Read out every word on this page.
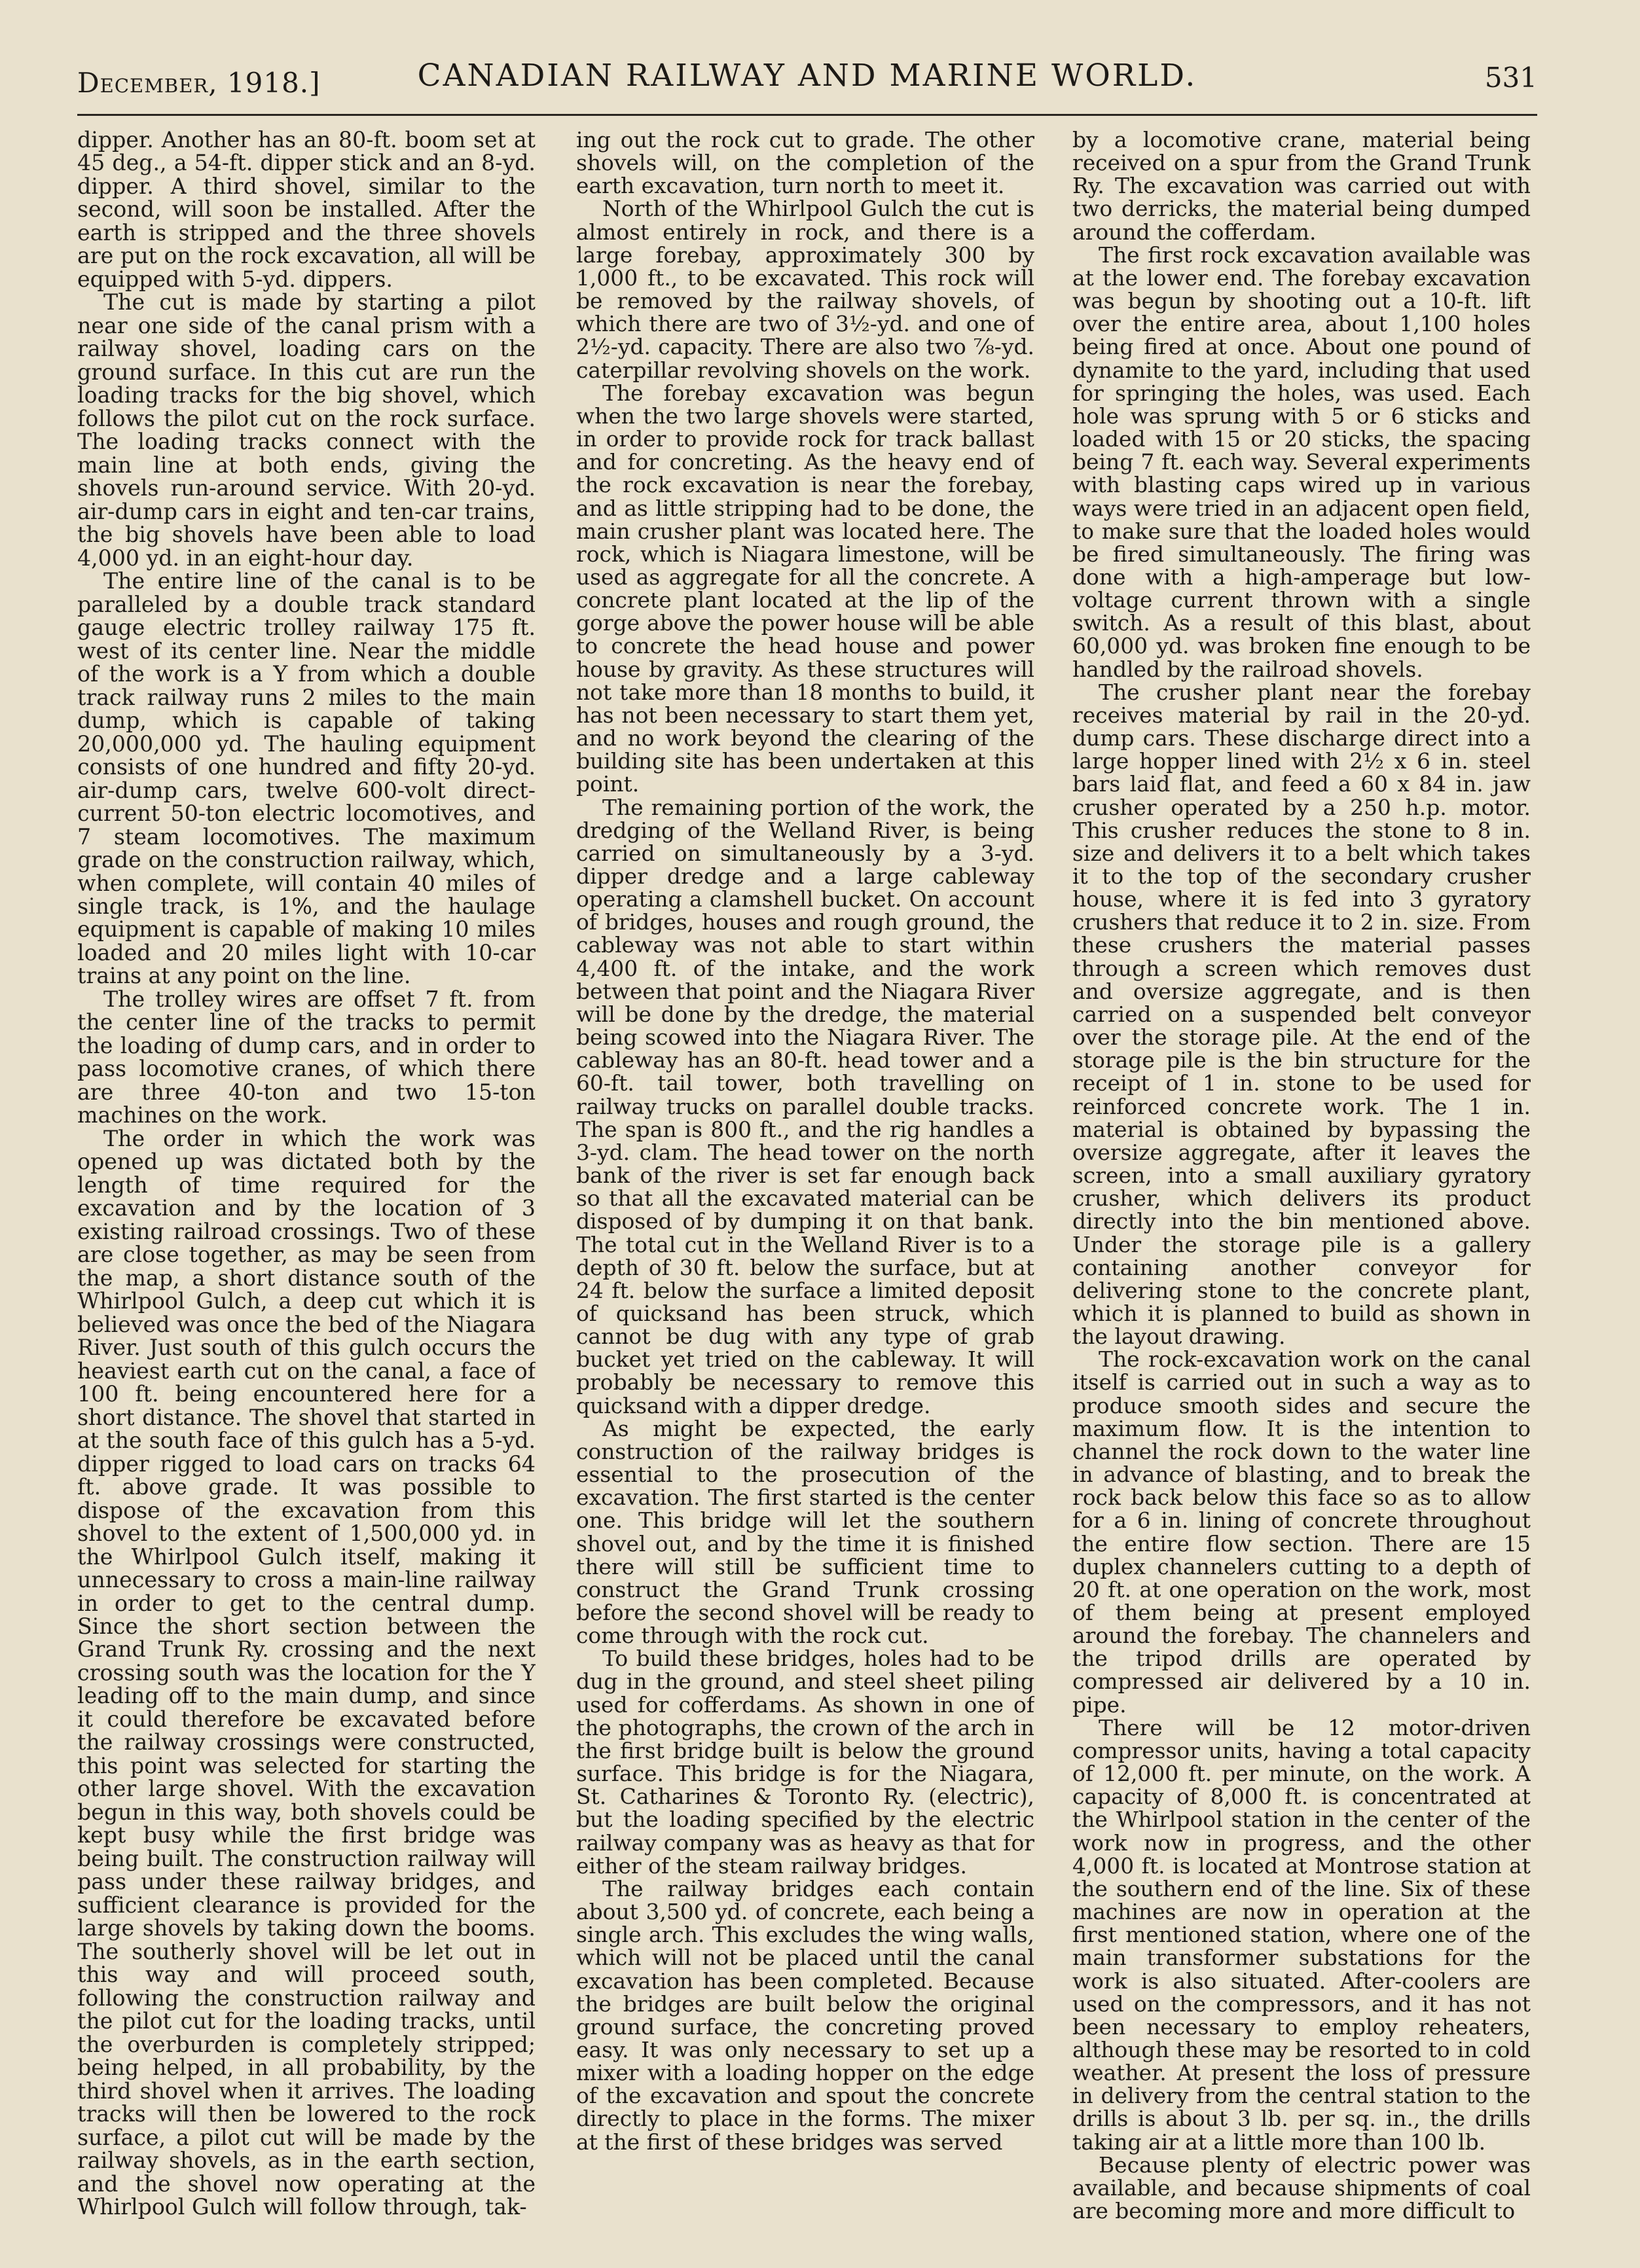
December, 1918.]	CANADIAN RAILWAY AND MARINE WORLD.	531

dipper. Another has an 80-ft. boom set at 45 deg., a 54-ft. dipper stick and an 8-yd. dipper. A third shovel, similar to the second, will soon be installed. After the earth is stripped and the three shovels are put on the rock excavation, all will be equipped with 5-yd. dippers.

The cut is made by starting a pilot near one side of the canal prism with a railway shovel, loading cars on the ground surface. In this cut are run the loading tracks for the big shovel, which follows the pilot cut on the rock surface. The loading tracks connect with the main line at both ends, giving the shovels run-around service. With 20-yd. air-dump cars in eight and ten-car trains, the big shovels have been able to load 4,000 yd. in an eight-hour day.

The entire line of the canal is to be paralleled by a double track standard gauge electric trolley railway 175 ft. west of its center line. Near the middle of the work is a Y from which a double track railway runs 2 miles to the main dump, which is capable of taking 20,000,000 yd. The hauling equipment consists of one hundred and fifty 20-yd. air-dump cars, twelve 600-volt direct-current 50-ton electric locomotives, and 7 steam locomotives. The maximum grade on the construction railway, which, when complete, will contain 40 miles of single track, is 1%, and the haulage equipment is capable of making 10 miles loaded and 20 miles light with 10-car trains at any point on the line.

The trolley wires are offset 7 ft. from the center line of the tracks to permit the loading of dump cars, and in order to pass locomotive cranes, of which there are three 40-ton and two 15-ton machines on the work.

The order in which the work was opened up was dictated both by the length of time required for the excavation and by the location of 3 existing railroad crossings. Two of these are close together, as may be seen from the map, a short distance south of the Whirlpool Gulch, a deep cut which it is believed was once the bed of the Niagara River. Just south of this gulch occurs the heaviest earth cut on the canal, a face of 100 ft. being encountered here for a short distance. The shovel that started in at the south face of this gulch has a 5-yd. dipper rigged to load cars on tracks 64 ft. above grade. It was possible to dispose of the excavation from this shovel to the extent of 1,500,000 yd. in the Whirlpool Gulch itself, making it unnecessary to cross a main-line railway in order to get to the central dump. Since the short section between the Grand Trunk Ry. crossing and the next crossing south was the location for the Y leading off to the main dump, and since it could therefore be excavated before the railway crossings were constructed, this point was selected for starting the other large shovel. With the excavation begun in this way, both shovels could be kept busy while the first bridge was being built. The construction railway will pass under these railway bridges, and sufficient clearance is provided for the large shovels by taking down the booms. The southerly shovel will be let out in this way and will proceed south, following the construction railway and the pilot cut for the loading tracks, until the overburden is completely stripped; being helped, in all probability, by the third shovel when it arrives. The loading tracks will then be lowered to the rock surface, a pilot cut will be made by the railway shovels, as in the earth section, and the shovel now operating at the Whirlpool Gulch will follow through, tak-

ing out the rock cut to grade. The other shovels will, on the completion of the earth excavation, turn north to meet it.

North of the Whirlpool Gulch the cut is almost entirely in rock, and there is a large forebay, approximately 300 by 1,000 ft., to be excavated. This rock will be removed by the railway shovels, of which there are two of 3½-yd. and one of 2½-yd. capacity. There are also two ⅞-yd. caterpillar revolving shovels on the work.

The forebay excavation was begun when the two large shovels were started, in order to provide rock for track ballast and for concreting. As the heavy end of the rock excavation is near the forebay, and as little stripping had to be done, the main crusher plant was located here. The rock, which is Niagara limestone, will be used as aggregate for all the concrete. A concrete plant located at the lip of the gorge above the power house will be able to concrete the head house and power house by gravity. As these structures will not take more than 18 months to build, it has not been necessary to start them yet, and no work beyond the clearing of the building site has been undertaken at this point.

The remaining portion of the work, the dredging of the Welland River, is being carried on simultaneously by a 3-yd. dipper dredge and a large cableway operating a clamshell bucket. On account of bridges, houses and rough ground, the cableway was not able to start within 4,400 ft. of the intake, and the work between that point and the Niagara River will be done by the dredge, the material being scowed into the Niagara River. The cableway has an 80-ft. head tower and a 60-ft. tail tower, both travelling on railway trucks on parallel double tracks. The span is 800 ft., and the rig handles a 3-yd. clam. The head tower on the north bank of the river is set far enough back so that all the excavated material can be disposed of by dumping it on that bank. The total cut in the Welland River is to a depth of 30 ft. below the surface, but at 24 ft. below the surface a limited deposit of quicksand has been struck, which cannot be dug with any type of grab bucket yet tried on the cableway. It will probably be necessary to remove this quicksand with a dipper dredge.

As might be expected, the early construction of the railway bridges is essential to the prosecution of the excavation. The first started is the center one. This bridge will let the southern shovel out, and by the time it is finished there will still be sufficient time to construct the Grand Trunk crossing before the second shovel will be ready to come through with the rock cut.

To build these bridges, holes had to be dug in the ground, and steel sheet piling used for cofferdams. As shown in one of the photographs, the crown of the arch in the first bridge built is below the ground surface. This bridge is for the Niagara, St. Catharines & Toronto Ry. (electric), but the loading specified by the electric railway company was as heavy as that for either of the steam railway bridges.

The railway bridges each contain about 3,500 yd. of concrete, each being a single arch. This excludes the wing walls, which will not be placed until the canal excavation has been completed. Because the bridges are built below the original ground surface, the concreting proved easy. It was only necessary to set up a mixer with a loading hopper on the edge of the excavation and spout the concrete directly to place in the forms. The mixer at the first of these bridges was served

by a locomotive crane, material being received on a spur from the Grand Trunk Ry. The excavation was carried out with two derricks, the material being dumped around the cofferdam.

The first rock excavation available was at the lower end. The forebay excavation was begun by shooting out a 10-ft. lift over the entire area, about 1,100 holes being fired at once. About one pound of dynamite to the yard, including that used for springing the holes, was used. Each hole was sprung with 5 or 6 sticks and loaded with 15 or 20 sticks, the spacing being 7 ft. each way. Several experiments with blasting caps wired up in various ways were tried in an adjacent open field, to make sure that the loaded holes would be fired simultaneously. The firing was done with a high-amperage but low-voltage current thrown with a single switch. As a result of this blast, about 60,000 yd. was broken fine enough to be handled by the railroad shovels.

The crusher plant near the forebay receives material by rail in the 20-yd. dump cars. These discharge direct into a large hopper lined with 2½ x 6 in. steel bars laid flat, and feed a 60 x 84 in. jaw crusher operated by a 250 h.p. motor. This crusher reduces the stone to 8 in. size and delivers it to a belt which takes it to the top of the secondary crusher house, where it is fed into 3 gyratory crushers that reduce it to 2 in. size. From these crushers the material passes through a screen which removes dust and oversize aggregate, and is then carried on a suspended belt conveyor over the storage pile. At the end of the storage pile is the bin structure for the receipt of 1 in. stone to be used for reinforced concrete work. The 1 in. material is obtained by bypassing the oversize aggregate, after it leaves the screen, into a small auxiliary gyratory crusher, which delivers its product directly into the bin mentioned above. Under the storage pile is a gallery containing another conveyor for delivering stone to the concrete plant, which it is planned to build as shown in the layout drawing.

The rock-excavation work on the canal itself is carried out in such a way as to produce smooth sides and secure the maximum flow. It is the intention to channel the rock down to the water line in advance of blasting, and to break the rock back below this face so as to allow for a 6 in. lining of concrete throughout the entire flow section. There are 15 duplex channelers cutting to a depth of 20 ft. at one operation on the work, most of them being at present employed around the forebay. The channelers and the tripod drills are operated by compressed air delivered by a 10 in. pipe.

There will be 12 motor-driven compressor units, having a total capacity of 12,000 ft. per minute, on the work. A capacity of 8,000 ft. is concentrated at the Whirlpool station in the center of the work now in progress, and the other 4,000 ft. is located at Montrose station at the southern end of the line. Six of these machines are now in operation at the first mentioned station, where one of the main transformer substations for the work is also situated. After-coolers are used on the compressors, and it has not been necessary to employ reheaters, although these may be resorted to in cold weather. At present the loss of pressure in delivery from the central station to the drills is about 3 lb. per sq. in., the drills taking air at a little more than 100 lb.

Because plenty of electric power was available, and because shipments of coal are becoming more and more difficult to
